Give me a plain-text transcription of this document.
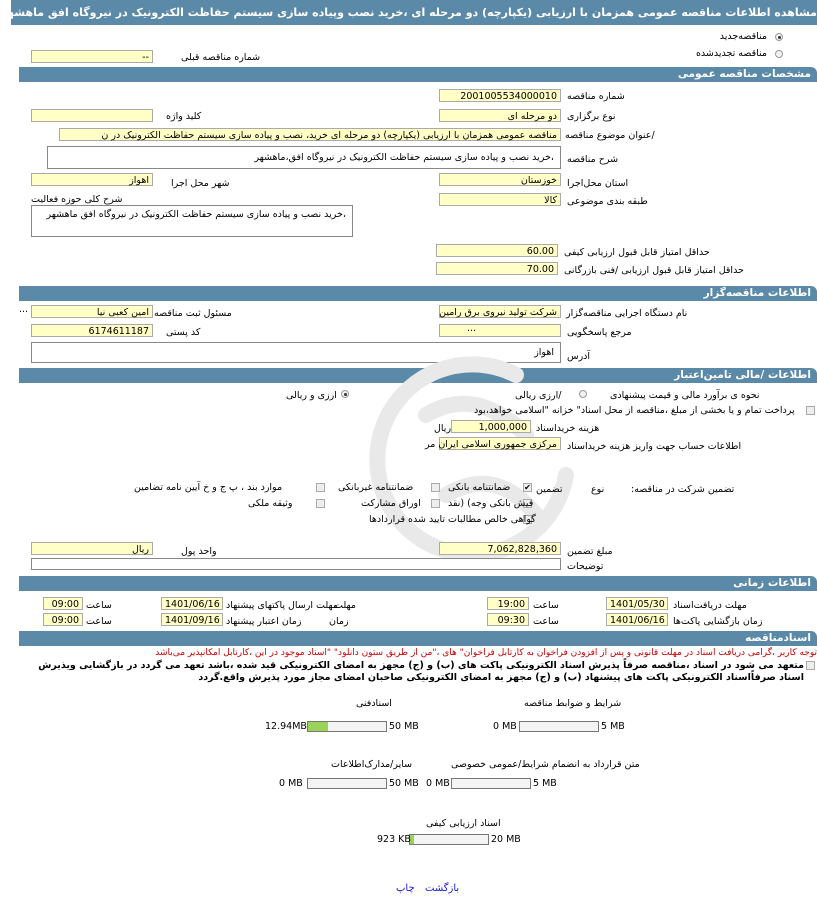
مشاهده اطلاعات مناقصه عمومی همزمان با ارزیابی (یکپارچه) دو مرحله ای ،خرید نصب وپیاده سازی سیستم حفاظت الکترونیک در نیروگاه افق ماهشهر
مناقصه‌جدید
مناقصه تجدیدشده
شماره مناقصه قبلی
--
مشخصات مناقصه عمومی
شماره مناقصه
2001005534000010
نوع برگزاری
دو مرحله ای
کلید واژه
/عنوان موضوع مناقصه
مناقصه عمومی همزمان با ارزیابی (یکپارچه) دو مرحله ای خرید، نصب و پیاده سازی سیستم حفاظت الکترونیک در ن
شرح مناقصه
،خرید نصب و پیاده سازی سیستم حفاظت الکترونیک در نیروگاه افق،ماهشهر
استان محل‌اجرا
خوزستان
شهر محل اجرا
اهواز
طبقه بندی موضوعی
کالا
شرح کلی حوزه فعالیت
،خرید نصب و پیاده سازی سیستم حفاظت الکترونیک در نیروگاه افق ماهشهر
حداقل امتیاز قابل قبول ارزیابی کیفی
60.00
حداقل امتیاز قابل قبول ارزیابی /فنی بازرگانی
70.00
اطلاعات مناقصه‌گزار
نام دستگاه اجرایی مناقصه‌گزار
شرکت تولید نیروی برق رامین
مسئول ثبت مناقصه
امین کعبی نیا
...
مرجع پاسخگویی
...
کد پستی
6174611187
آدرس
اهواز
اطلاعات /مالی تامین‌اعتبار
نحوه ی برآورد مالی و قیمت پیشنهادی
/ارزی ریالی
ارزی و ریالی
پرداخت تمام و یا بخشی از مبلغ ،مناقصه از محل اسناد" خزانه "اسلامی خواهد،بود
هزینه خریداسناد
1,000,000
ریال
اطلاعات حساب جهت واریز هزینه خریداسناد
مرکزی جمهوری اسلامی ایران مر
تضمین شرکت در مناقصه:
نوع
تضمین
✔
ضمانتنامه بانکی
ضمانتنامه غیربانکی
موارد بند ، پ ج و خ آیین نامه تضامین
فیش بانکی وجه) (نقد
اوراق مشارکت
وثیقه ملکی
گواهی خالص مطالبات تایید شده قراردادها
مبلغ تضمین
7,062,828,360
واحد پول
ریال
توضیحات
اطلاعات زمانی
مهلت دریافت‌اسناد
1401/05/30
ساعت
19:00
مهلت
مهلت ارسال پاکتهای پیشنهاد
1401/06/16
ساعت
09:00
زمان بازگشایی پاکت‌ها
1401/06/16
ساعت
09:30
زمان
زمان اعتبار پیشنهاد
1401/09/16
ساعت
09:00
اسنادمناقصه
توجه کاربر ،گرامی دریافت اسناد در مهلت قانونی و پس از افزودن فراخوان به کارتابل فراخوان" های ،"من از طریق ستون دانلود" "اسناد موجود در این ،کارتابل امکانپذیر می‌باشد
متعهد می شود در اسناد ،مناقصه صرفاً پذیرش اسناد الکترونیکی پاکت های (ب) و (ج) مجهز به امضای الکترونیکی قید شده ،باشد تعهد می گردد در بازگشایی ویذیرش اسناد صرفاًاسناد الکترونیکی پاکت های پیشنهاد (ب) و (ج) مجهز به امضای الکترونیکی صاحبان امضای مجاز مورد پذیرش واقع.گردد
شرایط و ضوابط مناقصه
5 MB
0 MB
اسنادفنی
50 MB
12.94MB
متن قرارداد به انضمام شرایط/عمومی خصوصی
5 MB
0 MB
سایر/مدارک‌اطلاعات
50 MB
0 MB
اسناد ارزیابی کیفی
20 MB
923 KB
چاپ بازگشت
